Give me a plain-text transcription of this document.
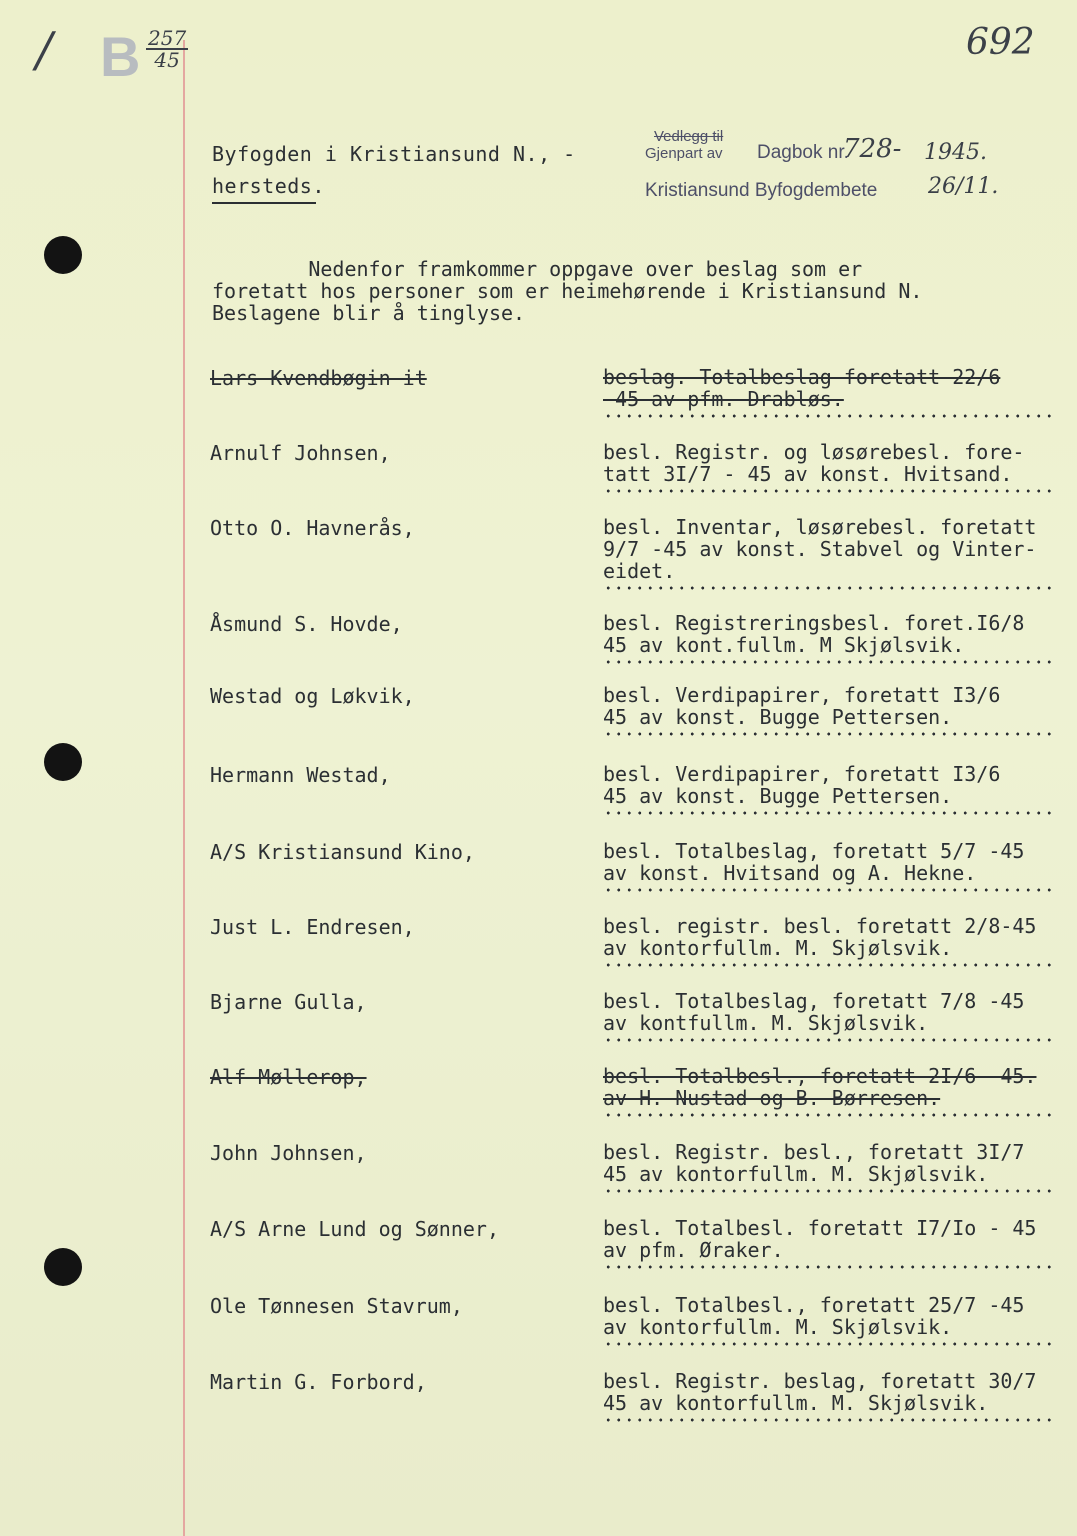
/ B $\frac{257}{45}$	692
Byfogden i Kristiansund N., -
hersteds.
Vedlegg til
Gjenpart av Dagbok nr.
728- 1945.
Kristiansund Byfogdembete 26/11.
Nedenfor framkommer oppgave over beslag som er
foretatt hos personer som er heimehørende i Kristiansund N.
Beslagene blir å tinglyse.
Lars Kvendbøgin it	beslag. Totalbeslag foretatt 22/6
-45 av pfm. Drabløs.
Arnulf Johnsen,	besl. Registr. og løsørebesl. fore-
tatt 3I/7 - 45 av konst. Hvitsand.
Otto O. Havnerås,	besl. Inventar, løsørebesl. foretatt
9/7 -45 av konst. Stabvel og Vinter-
eidet.
Åsmund S. Hovde,	besl. Registreringsbesl. foret.I6/8
45 av kont.fullm. M Skjølsvik.
Westad og Løkvik,	besl. Verdipapirer, foretatt I3/6
45 av konst. Bugge Pettersen.
Hermann Westad,	besl. Verdipapirer, foretatt I3/6
45 av konst. Bugge Pettersen.
A/S Kristiansund Kino,	besl. Totalbeslag, foretatt 5/7 -45
av konst. Hvitsand og A. Hekne.
Just L. Endresen,	besl. registr. besl. foretatt 2/8-45
av kontorfullm. M. Skjølsvik.
Bjarne Gulla,	besl. Totalbeslag, foretatt 7/8 -45
av kontfullm. M. Skjølsvik.
Alf Møllerop,	besl. Totalbesl., foretatt 2I/6 -45.
av H. Nustad og B. Børresen.
John Johnsen,	besl. Registr. besl., foretatt 3I/7
45 av kontorfullm. M. Skjølsvik.
A/S Arne Lund og Sønner,	besl. Totalbesl. foretatt I7/Io - 45
av pfm. Øraker.
Ole Tønnesen Stavrum,	besl. Totalbesl., foretatt 25/7 -45
av kontorfullm. M. Skjølsvik.
Martin G. Forbord,	besl. Registr. beslag, foretatt 30/7
45 av kontorfullm. M. Skjølsvik.
